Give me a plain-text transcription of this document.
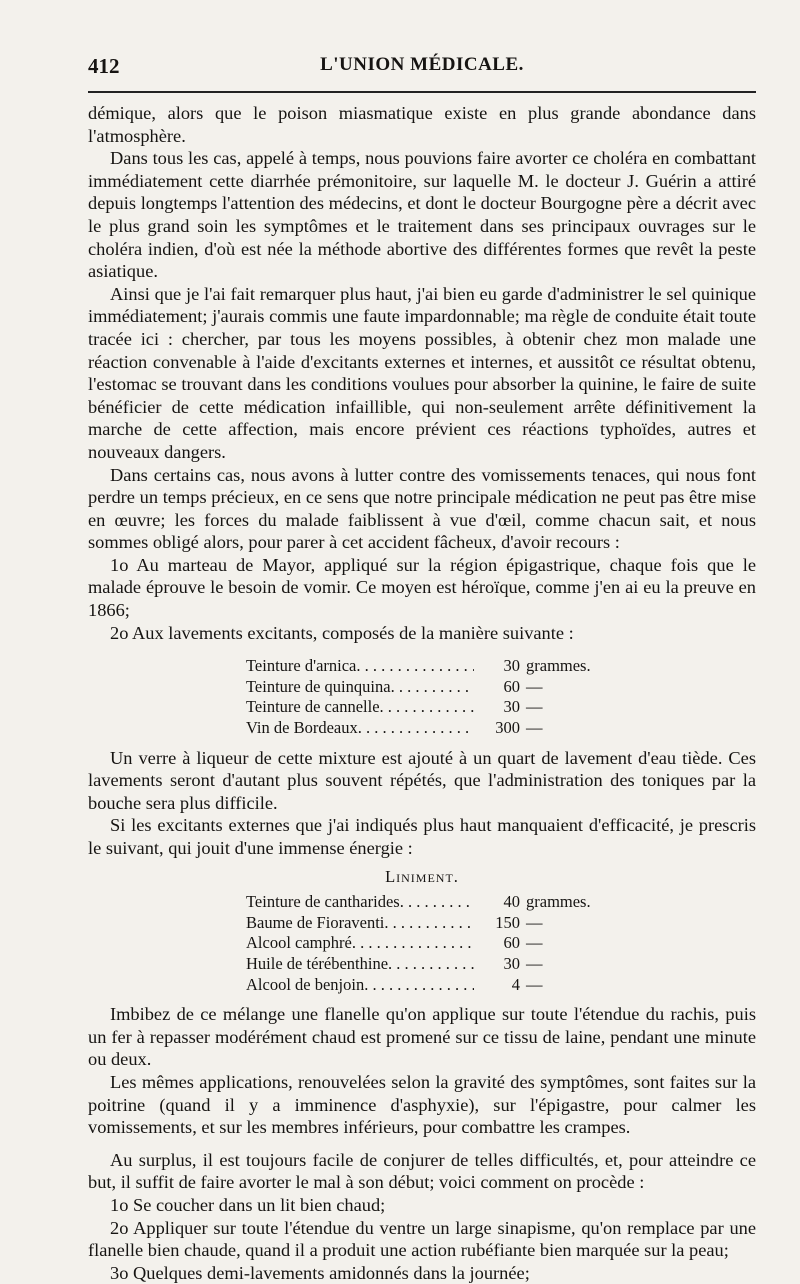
412	L'UNION MÉDICALE.

démique, alors que le poison miasmatique existe en plus grande abondance dans l'atmosphère.

Dans tous les cas, appelé à temps, nous pouvions faire avorter ce choléra en combattant immédiatement cette diarrhée prémonitoire, sur laquelle M. le docteur J. Guérin a attiré depuis longtemps l'attention des médecins, et dont le docteur Bourgogne père a décrit avec le plus grand soin les symptômes et le traitement dans ses principaux ouvrages sur le choléra indien, d'où est née la méthode abortive des différentes formes que revêt la peste asiatique.

Ainsi que je l'ai fait remarquer plus haut, j'ai bien eu garde d'administrer le sel quinique immédiatement; j'aurais commis une faute impardonnable; ma règle de conduite était toute tracée ici : chercher, par tous les moyens possibles, à obtenir chez mon malade une réaction convenable à l'aide d'excitants externes et internes, et aussitôt ce résultat obtenu, l'estomac se trouvant dans les conditions voulues pour absorber la quinine, le faire de suite bénéficier de cette médication infaillible, qui non-seulement arrête définitivement la marche de cette affection, mais encore prévient ces réactions typhoïdes, autres et nouveaux dangers.

Dans certains cas, nous avons à lutter contre des vomissements tenaces, qui nous font perdre un temps précieux, en ce sens que notre principale médication ne peut pas être mise en œuvre; les forces du malade faiblissent à vue d'œil, comme chacun sait, et nous sommes obligé alors, pour parer à cet accident fâcheux, d'avoir recours :

1o Au marteau de Mayor, appliqué sur la région épigastrique, chaque fois que le malade éprouve le besoin de vomir. Ce moyen est héroïque, comme j'en ai eu la preuve en 1866;

2o Aux lavements excitants, composés de la manière suivante :

Teinture d'arnica . . .	30 grammes.
Teinture de quinquina . . .	60 —
Teinture de cannelle . . .	30 —
Vin de Bordeaux . . .	300 —

Un verre à liqueur de cette mixture est ajouté à un quart de lavement d'eau tiède. Ces lavements seront d'autant plus souvent répétés, que l'administration des toniques par la bouche sera plus difficile.

Si les excitants externes que j'ai indiqués plus haut manquaient d'efficacité, je prescris le suivant, qui jouit d'une immense énergie :

Liniment.
Teinture de cantharides . . .	40 grammes.
Baume de Fioraventi . . .	150 —
Alcool camphré . . .	60 —
Huile de térébenthine . . .	30 —
Alcool de benjoin . . .	4 —

Imbibez de ce mélange une flanelle qu'on applique sur toute l'étendue du rachis, puis un fer à repasser modérément chaud est promené sur ce tissu de laine, pendant une minute ou deux.

Les mêmes applications, renouvelées selon la gravité des symptômes, sont faites sur la poitrine (quand il y a imminence d'asphyxie), sur l'épigastre, pour calmer les vomissements, et sur les membres inférieurs, pour combattre les crampes.

Au surplus, il est toujours facile de conjurer de telles difficultés, et, pour atteindre ce but, il suffit de faire avorter le mal à son début; voici comment on procède :

1o Se coucher dans un lit bien chaud;

2o Appliquer sur toute l'étendue du ventre un large sinapisme, qu'on remplace par une flanelle bien chaude, quand il a produit une action rubéfiante bien marquée sur la peau;

3o Quelques demi-lavements amidonnés dans la journée;
